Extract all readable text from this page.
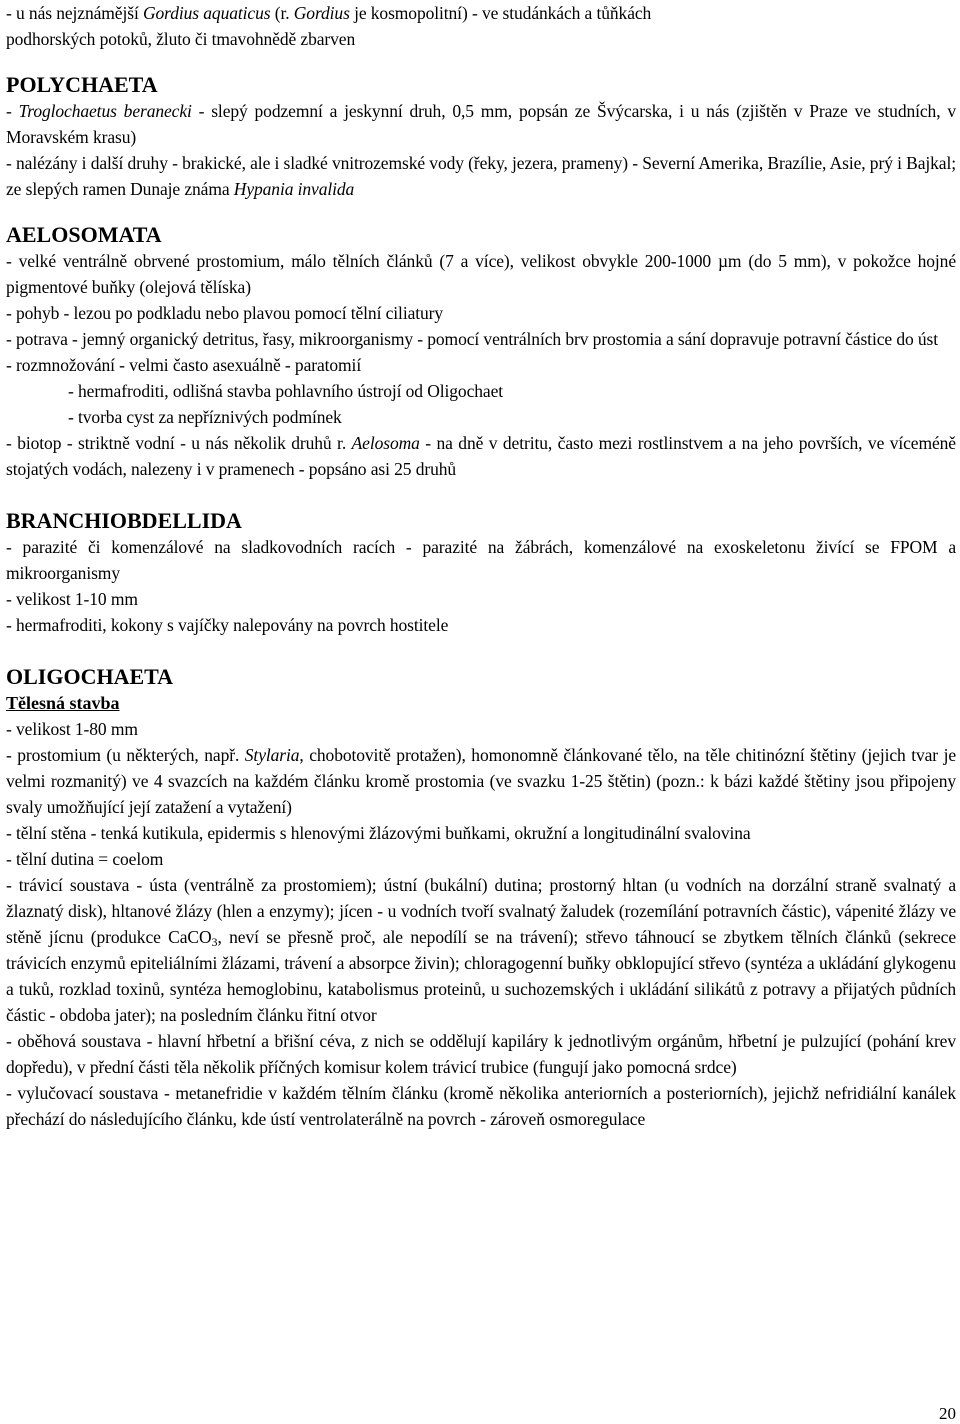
- u nás nejznámější Gordius aquaticus (r. Gordius je kosmopolitní) - ve studánkách a tůňkách

podhorských potoků, žluto či tmavohnědě zbarven

POLYCHAETA

- Troglochaetus beranecki - slepý podzemní a jeskynní druh, 0,5 mm, popsán ze Švýcarska, i u nás (zjištěn v Praze ve studních, v Moravském krasu)

- nalézány i další druhy - brakické, ale i sladké vnitrozemské vody (řeky, jezera, prameny) - Severní Amerika, Brazílie, Asie, prý i Bajkal; ze slepých ramen Dunaje známa Hypania invalida

AELOSOMATA

- velké ventrálně obrvené prostomium, málo tělních článků (7 a více), velikost obvykle 200-1000 µm (do 5 mm), v pokožce hojné pigmentové buňky (olejová tělíska)

- pohyb - lezou po podkladu nebo plavou pomocí tělní ciliatury

- potrava - jemný organický detritus, řasy, mikroorganismy - pomocí ventrálních brv prostomia a sání dopravuje potravní částice do úst

- rozmnožování - velmi často asexuálně - paratomií

- hermafroditi, odlišná stavba pohlavního ústrojí od Oligochaet

- tvorba cyst za nepříznivých podmínek

- biotop - striktně vodní - u nás několik druhů r. Aelosoma - na dně v detritu, často mezi rostlinstvem a na jeho površích, ve víceméně stojatých vodách, nalezeny i v pramenech - popsáno asi 25 druhů

BRANCHIOBDELLIDA

- parazité či komenzálové na sladkovodních racích - parazité na žábrách, komenzálové na exoskeletonu živící se FPOM a mikroorganismy

- velikost 1-10 mm

- hermafroditi, kokony s vajíčky nalepovány na povrch hostitele

OLIGOCHAETA

Tělesná stavba

- velikost 1-80 mm

- prostomium (u některých, např. Stylaria, chobotovitě protažen), homonomně článkované tělo, na těle chitinózní štětiny (jejich tvar je velmi rozmanitý) ve 4 svazcích na každém článku kromě prostomia (ve svazku 1-25 štětin) (pozn.: k bázi každé štětiny jsou připojeny svaly umožňující její zatažení a vytažení)

- tělní stěna - tenká kutikula, epidermis s hlenovými žlázovými buňkami, okružní a longitudinální svalovina

- tělní dutina = coelom

- trávicí soustava - ústa (ventrálně za prostomiem); ústní (bukální) dutina; prostorný hltan (u vodních na dorzální straně svalnatý a žlaznatý disk), hltanové žlázy (hlen a enzymy); jícen - u vodních tvoří svalnatý žaludek (rozemílání potravních částic), vápenité žlázy ve stěně jícnu (produkce CaCO$_3$, neví se přesně proč, ale nepodílí se na trávení); střevo táhnoucí se zbytkem tělních článků (sekrece trávicích enzymů epiteliálními žlázami, trávení a absorpce živin); chloragogenní buňky obklopující střevo (syntéza a ukládání glykogenu a tuků, rozklad toxinů, syntéza hemoglobinu, katabolismus proteinů, u suchozemských i ukládání silikátů z potravy a přijatých půdních částic - obdoba jater); na posledním článku řitní otvor

- oběhová soustava - hlavní hřbetní a břišní céva, z nich se oddělují kapiláry k jednotlivým orgánům, hřbetní je pulzující (pohání krev dopředu), v přední části těla několik příčných komisur kolem trávicí trubice (fungují jako pomocná srdce)

- vylučovací soustava - metanefridie v každém tělním článku (kromě několika anteriorních a posteriorních), jejichž nefridiální kanálek přechází do následujícího článku, kde ústí ventrolaterálně na povrch - zároveň osmoregulace

20
